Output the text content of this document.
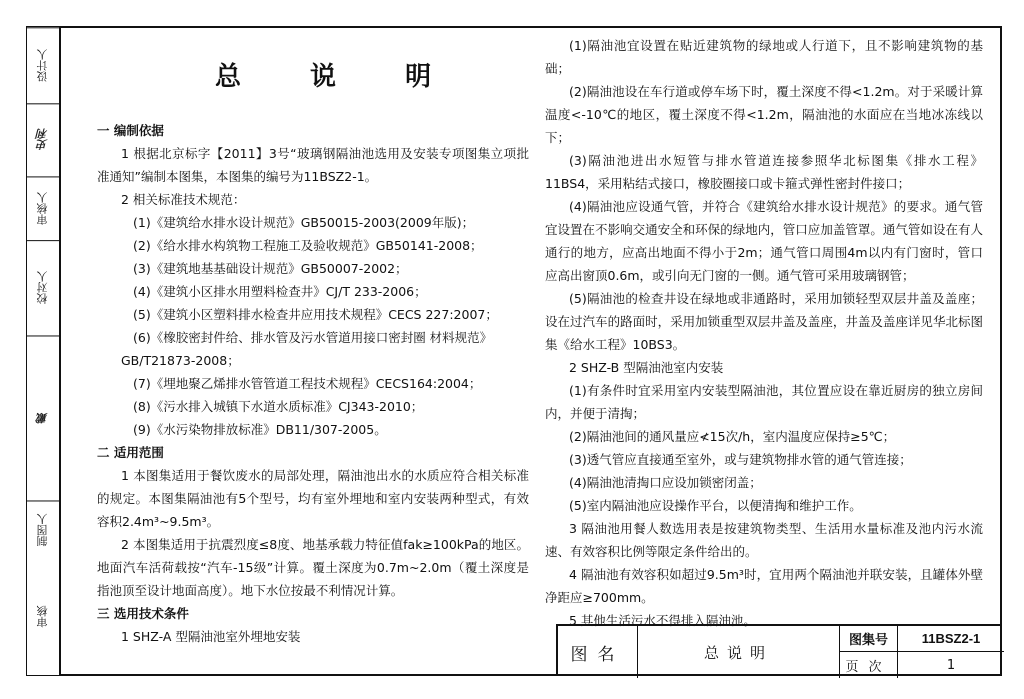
设计人
史利
审核人
校对人
戴
制图人
审核
总 说 明

一 编制依据

1 根据北京标字【2011】3号“玻璃钢隔油池选用及安装专项图集立项批准通知”编制本图集，本图集的编号为11BSZ2-1。

2 相关标准技术规范：

(1)《建筑给水排水设计规范》GB50015-2003(2009年版)；

(2)《给水排水构筑物工程施工及验收规范》GB50141-2008；

(3)《建筑地基基础设计规范》GB50007-2002；

(4)《建筑小区排水用塑料检查井》CJ/T 233-2006；

(5)《建筑小区塑料排水检查井应用技术规程》CECS 227:2007；

(6)《橡胶密封件给、排水管及污水管道用接口密封圈 材料规范》GB/T21873-2008；

(7)《埋地聚乙烯排水管管道工程技术规程》CECS164:2004；

(8)《污水排入城镇下水道水质标准》CJ343-2010；

(9)《水污染物排放标准》DB11/307-2005。

二 适用范围

1 本图集适用于餐饮废水的局部处理，隔油池出水的水质应符合相关标准的规定。本图集隔油池有5个型号，均有室外埋地和室内安装两种型式，有效容积2.4m³~9.5m³。

2 本图集适用于抗震烈度≤8度、地基承载力特征值fak≥100kPa的地区。地面汽车活荷载按“汽车-15级”计算。覆土深度为0.7m~2.0m（覆土深度是指池顶至设计地面高度）。地下水位按最不利情况计算。

三 选用技术条件

1 SHZ-A 型隔油池室外埋地安装

(1)隔油池宜设置在贴近建筑物的绿地或人行道下，且不影响建筑物的基础；

(2)隔油池设在车行道或停车场下时，覆土深度不得<1.2m。对于采暖计算温度<-10℃的地区，覆土深度不得<1.2m，隔油池的水面应在当地冰冻线以下；

(3)隔油池进出水短管与排水管道连接参照华北标图集《排水工程》11BS4，采用粘结式接口，橡胶圈接口或卡箍式弹性密封件接口；

(4)隔油池应设通气管，并符合《建筑给水排水设计规范》的要求。通气管宜设置在不影响交通安全和环保的绿地内，管口应加盖管罩。通气管如设在有人通行的地方，应高出地面不得小于2m；通气管口周围4m以内有门窗时，管口应高出窗顶0.6m，或引向无门窗的一侧。通气管可采用玻璃钢管；

(5)隔油池的检查井设在绿地或非通路时，采用加锁轻型双层井盖及盖座；设在过汽车的路面时，采用加锁重型双层井盖及盖座，井盖及盖座详见华北标图集《给水工程》10BS3。

2 SHZ-B 型隔油池室内安装

(1)有条件时宜采用室内安装型隔油池，其位置应设在靠近厨房的独立房间内，并便于清掏；

(2)隔油池间的通风量应≮15次/h，室内温度应保持≥5℃；

(3)透气管应直接通至室外，或与建筑物排水管的通气管连接；

(4)隔油池清掏口应设加锁密闭盖；

(5)室内隔油池应设操作平台，以便清掏和维护工作。

3 隔油池用餐人数选用表是按建筑物类型、生活用水量标准及池内污水流速、有效容积比例等限定条件给出的。

4 隔油池有效容积如超过9.5m³时，宜用两个隔油池并联安装，且罐体外壁净距应≥700mm。

5 其他生活污水不得排入隔油池。

图名	总说明
图集号	11BSZ2-1
页次	1
